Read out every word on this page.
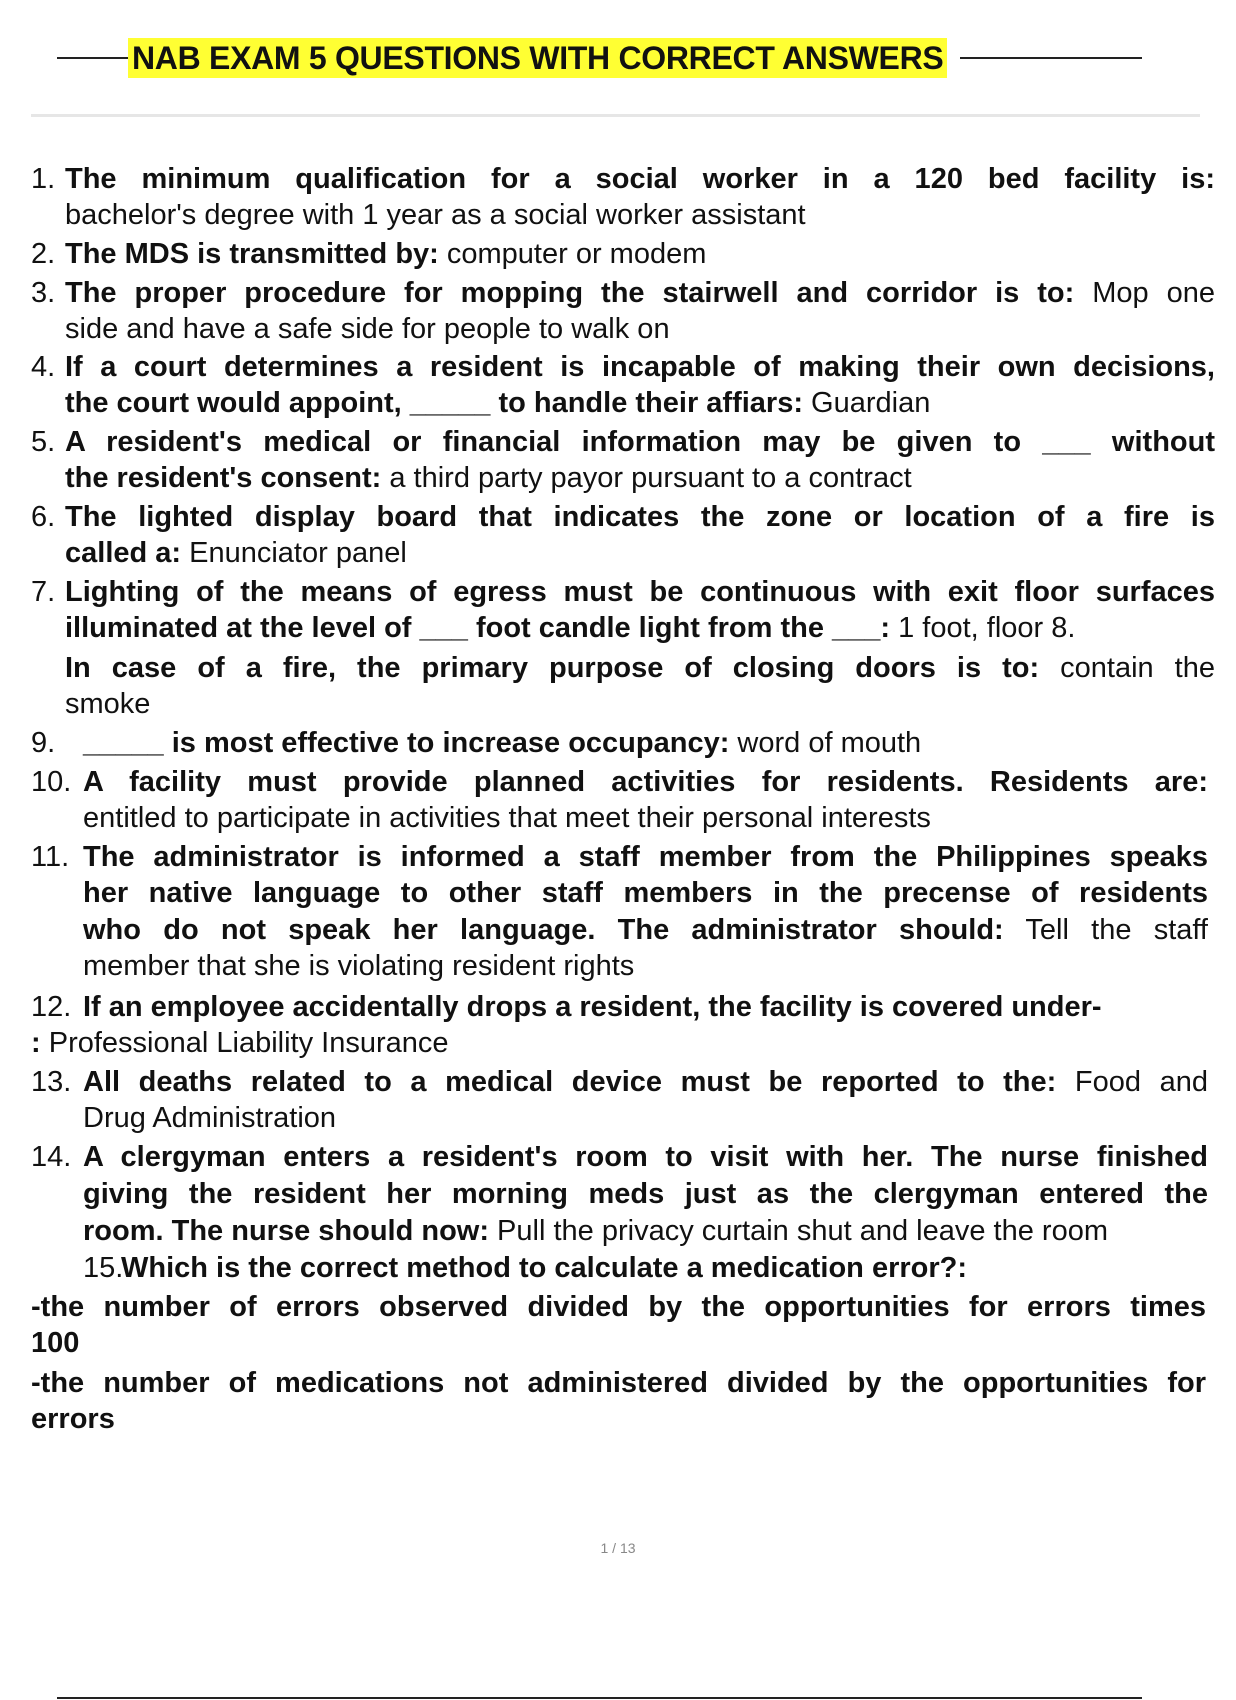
NAB EXAM 5 QUESTIONS WITH CORRECT ANSWERS
1. The minimum qualification for a social worker in a 120 bed facility is:
bachelor's degree with 1 year as a social worker assistant
2. The MDS is transmitted by: computer or modem
3. The proper procedure for mopping the stairwell and corridor is to: Mop one
side and have a safe side for people to walk on
4. If a court determines a resident is incapable of making their own decisions,
the court would appoint, _____ to handle their affiars: Guardian
5. A resident's medical or financial information may be given to ___ without
the resident's consent: a third party payor pursuant to a contract
6. The lighted display board that indicates the zone or location of a fire is
called a: Enunciator panel
7. Lighting of the means of egress must be continuous with exit floor surfaces
illuminated at the level of ___ foot candle light from the ___: 1 foot, floor 8.
In case of a fire, the primary purpose of closing doors is to: contain the
smoke
9. _____ is most effective to increase occupancy: word of mouth
10. A facility must provide planned activities for residents. Residents are:
entitled to participate in activities that meet their personal interests
11. The administrator is informed a staff member from the Philippines speaks
her native language to other staff members in the precense of residents
who do not speak her language. The administrator should: Tell the staff
member that she is violating resident rights
12. If an employee accidentally drops a resident, the facility is covered under-
: Professional Liability Insurance
13. All deaths related to a medical device must be reported to the: Food and
Drug Administration
14. A clergyman enters a resident's room to visit with her. The nurse finished
giving the resident her morning meds just as the clergyman entered the
room. The nurse should now: Pull the privacy curtain shut and leave the room
15.
Which is the correct method to calculate a medication error?:
-the number of errors observed divided by the opportunities for errors times
100
-the number of medications not administered divided by the opportunities for
errors
1 / 13
